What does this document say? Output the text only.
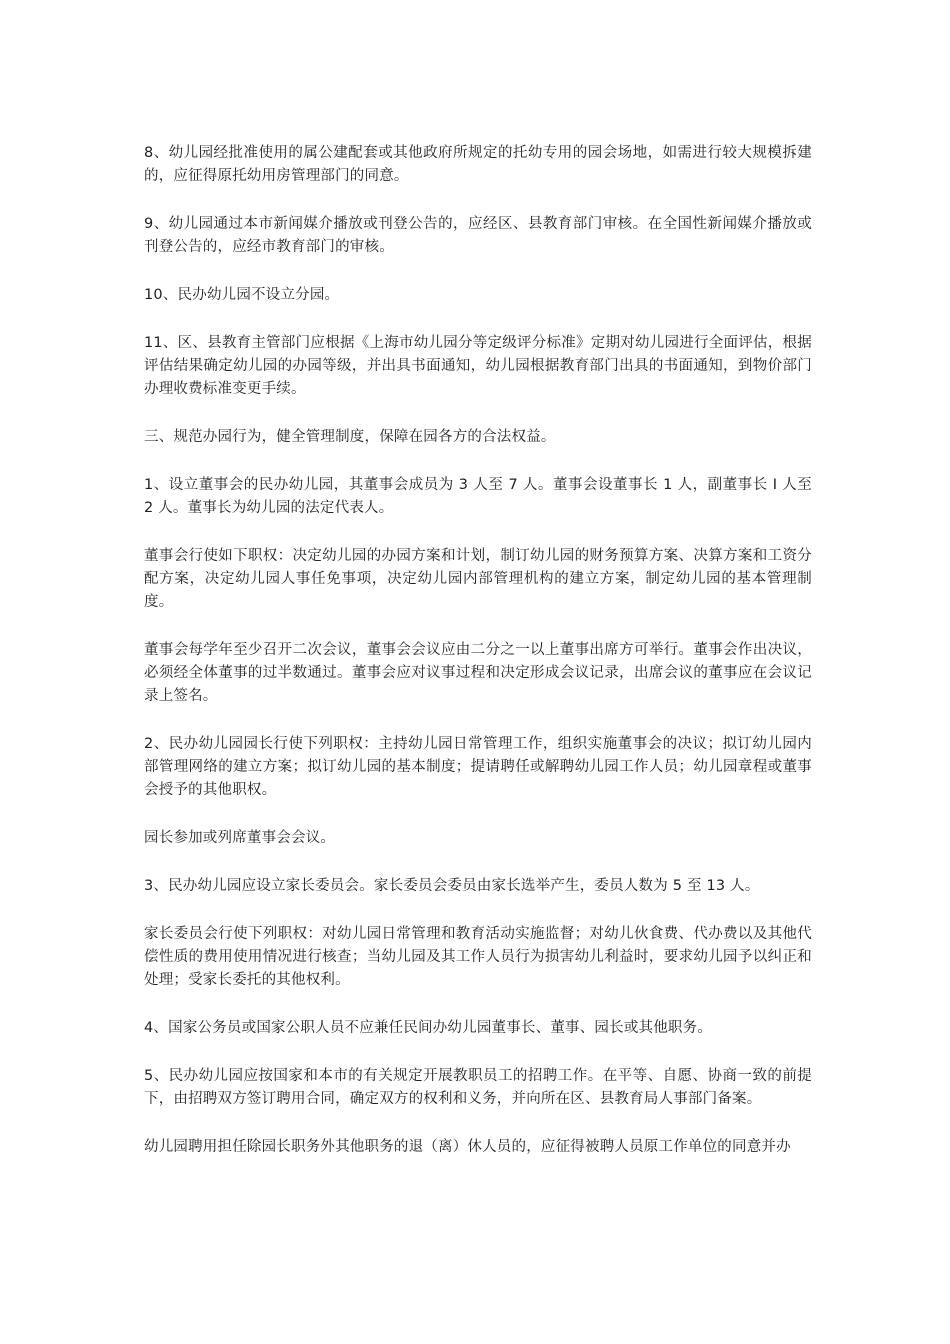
8、幼儿园经批准使用的属公建配套或其他政府所规定的托幼专用的园会场地，如需进行较大规模拆建的，应征得原托幼用房管理部门的同意。

9、幼儿园通过本市新闻媒介播放或刊登公告的，应经区、县教育部门审核。在全国性新闻媒介播放或刊登公告的，应经市教育部门的审核。

10、民办幼儿园不设立分园。

11、区、县教育主管部门应根据《上海市幼儿园分等定级评分标准》定期对幼儿园进行全面评估，根据评估结果确定幼儿园的办园等级，并出具书面通知，幼儿园根据教育部门出具的书面通知，到物价部门办理收费标准变更手续。

三、规范办园行为，健全管理制度，保障在园各方的合法权益。

1、设立董事会的民办幼儿园，其董事会成员为 3 人至 7 人。董事会设董事长 1 人，副董事长 I 人至 2 人。董事长为幼儿园的法定代表人。

董事会行使如下职权：决定幼儿园的办园方案和计划，制订幼儿园的财务预算方案、决算方案和工资分配方案，决定幼儿园人事任免事项，决定幼儿园内部管理机构的建立方案，制定幼儿园的基本管理制度。

董事会每学年至少召开二次会议，董事会会议应由二分之一以上董事出席方可举行。董事会作出决议，必须经全体董事的过半数通过。董事会应对议事过程和决定形成会议记录，出席会议的董事应在会议记录上签名。

2、民办幼儿园园长行使下列职权：主持幼儿园日常管理工作，组织实施董事会的决议；拟订幼儿园内部管理网络的建立方案；拟订幼儿园的基本制度；提请聘任或解聘幼儿园工作人员；幼儿园章程或董事会授予的其他职权。

园长参加或列席董事会会议。

3、民办幼儿园应设立家长委员会。家长委员会委员由家长选举产生，委员人数为 5 至 13 人。

家长委员会行使下列职权：对幼儿园日常管理和教育活动实施监督；对幼儿伙食费、代办费以及其他代偿性质的费用使用情况进行核查；当幼儿园及其工作人员行为损害幼儿利益时，要求幼儿园予以纠正和处理；受家长委托的其他权利。

4、国家公务员或国家公职人员不应兼任民间办幼儿园董事长、董事、园长或其他职务。

5、民办幼儿园应按国家和本市的有关规定开展教职员工的招聘工作。在平等、自愿、协商一致的前提下，由招聘双方签订聘用合同，确定双方的权利和义务，并向所在区、县教育局人事部门备案。

幼儿园聘用担任除园长职务外其他职务的退（离）休人员的，应征得被聘人员原工作单位的同意并办
